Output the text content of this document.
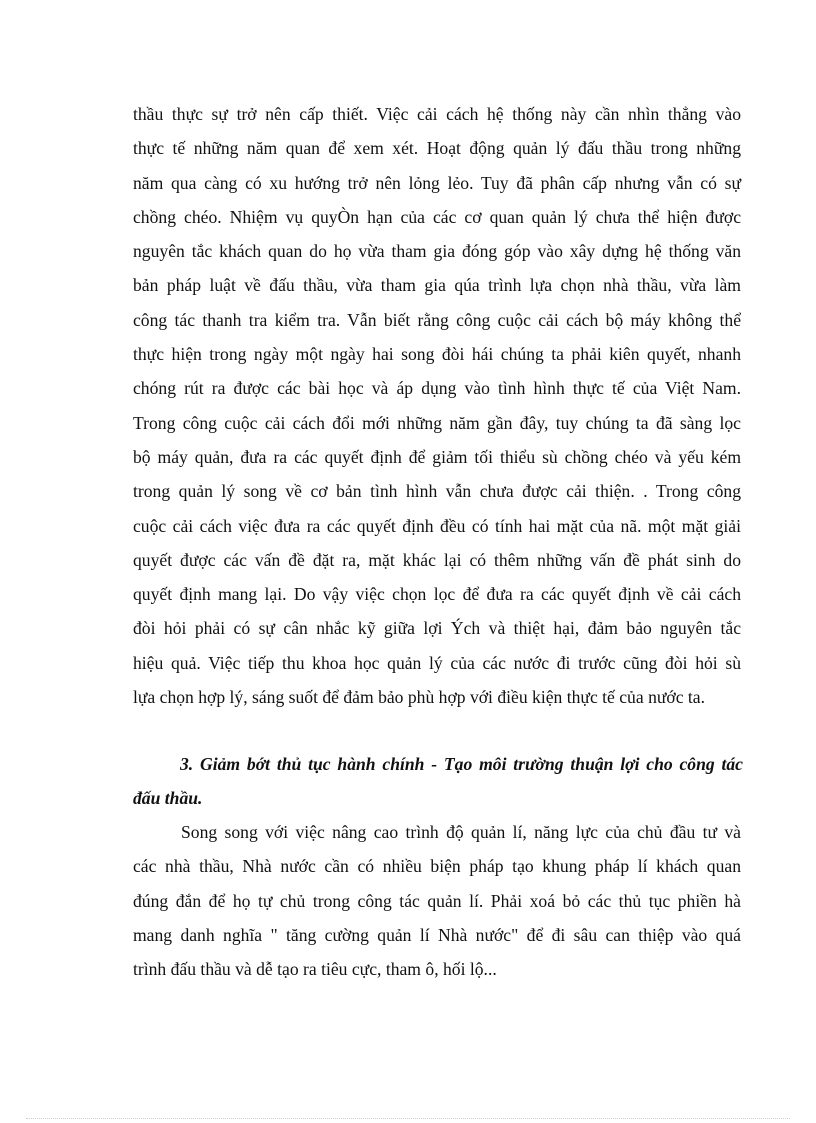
thầu thực sự trở nên cấp thiết. Việc cải cách hệ thống này cần nhìn thẳng vào
thực tế những năm quan để xem xét. Hoạt động quản lý đấu thầu trong những
năm qua càng có xu hướng trở nên lỏng lẻo. Tuy đã phân cấp nhưng vẫn có sự
chồng chéo. Nhiệm vụ quyÒn hạn của các cơ quan quản lý chưa thể hiện được
nguyên tắc khách quan do họ vừa tham gia đóng góp vào xây dựng hệ thống văn
bản pháp luật về đấu thầu, vừa tham gia qúa trình lựa chọn nhà thầu, vừa làm
công tác thanh tra kiểm tra. Vẫn biết rằng công cuộc cải cách bộ máy không thể
thực hiện trong ngày một ngày hai song đòi hái chúng ta phải kiên quyết, nhanh
chóng rút ra được các bài học và áp dụng vào tình hình thực tế của Việt Nam.
Trong công cuộc cải cách đổi mới những năm gần đây, tuy chúng ta đã sàng lọc
bộ máy quản, đưa ra các quyết định để giảm tối thiểu sù chồng chéo và yếu kém
trong quản lý song về cơ bản tình hình vẫn chưa được cải thiện. . Trong công
cuộc cải cách việc đưa ra các quyết định đều có tính hai mặt của nã. một mặt giải
quyết được các vấn đề đặt ra, mặt khác lại có thêm những vấn đề phát sinh do
quyết định mang lại. Do vậy việc chọn lọc để đưa ra các quyết định về cải cách
đòi hỏi phải có sự cân nhắc kỹ giữa lợi Ých và thiệt hại, đảm bảo nguyên tắc
hiệu quả. Việc tiếp thu khoa học quản lý của các nước đi trước cũng đòi hỏi sù
lựa chọn hợp lý, sáng suốt để đảm bảo phù hợp với điều kiện thực tế của nước ta.
3. Giảm bớt thủ tục hành chính - Tạo môi trường thuận lợi cho công tác
đấu thầu.
Song song với việc nâng cao trình độ quản lí, năng lực của chủ đầu tư và
các nhà thầu, Nhà nước cần có nhiều biện pháp tạo khung pháp lí khách quan
đúng đắn để họ tự chủ trong công tác quản lí. Phải xoá bỏ các thủ tục phiền hà
mang danh nghĩa " tăng cường quản lí Nhà nước" để đi sâu can thiệp vào quá
trình đấu thầu và dễ tạo ra tiêu cực, tham ô, hối lộ...
